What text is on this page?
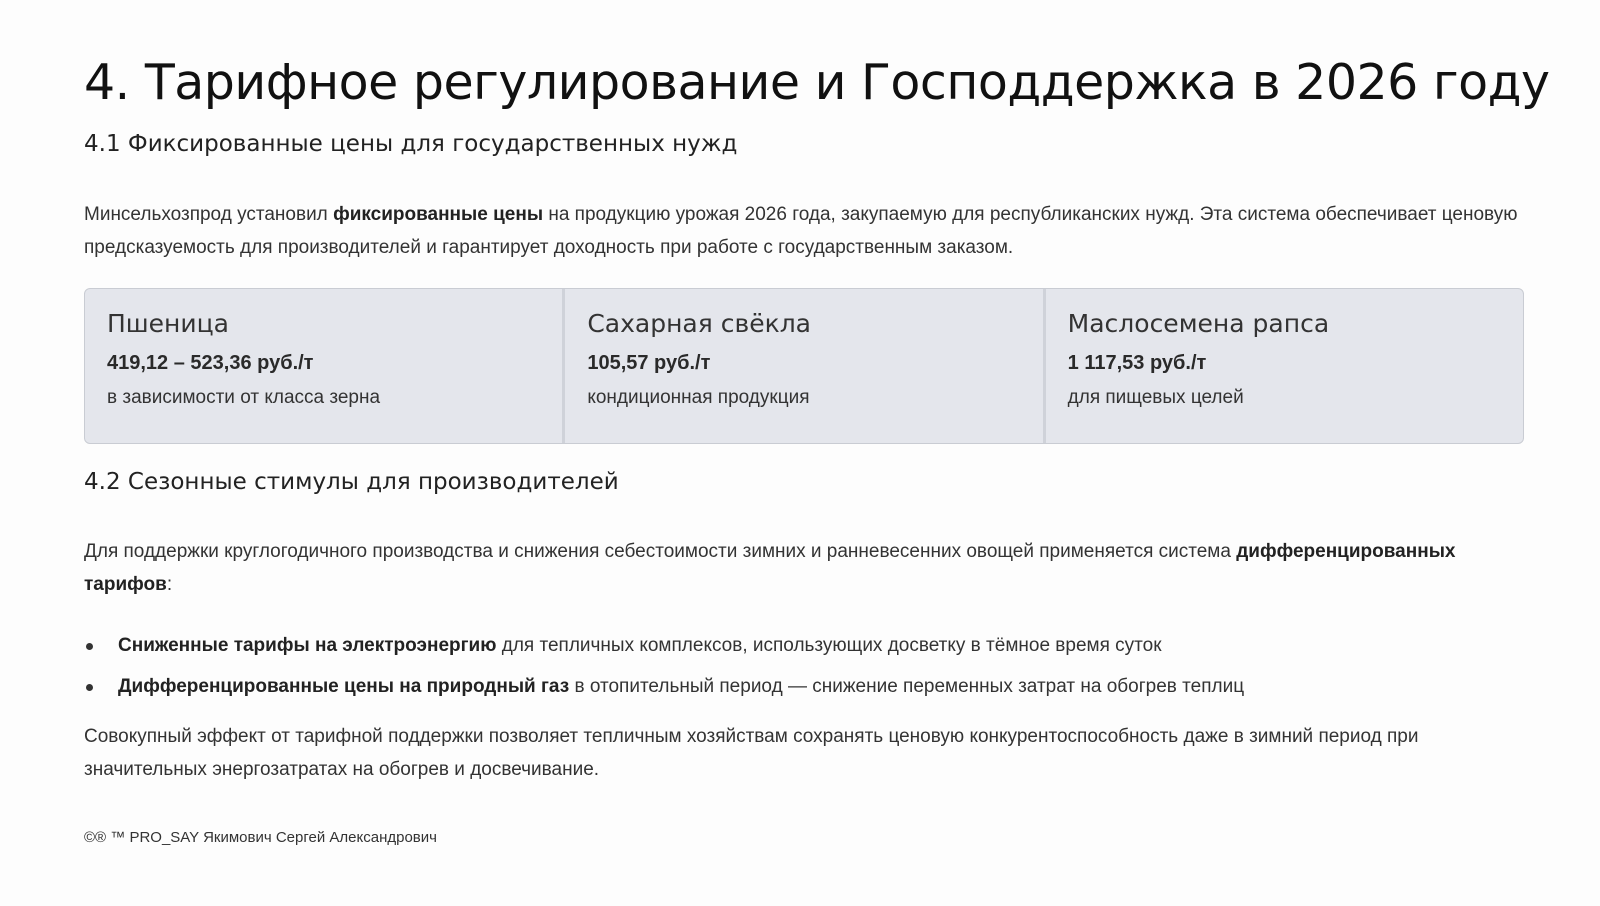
4. Тарифное регулирование и Господдержка в 2026 году
4.1 Фиксированные цены для государственных нужд

Минсельхозпрод установил фиксированные цены на продукцию урожая 2026 года, закупаемую для республиканских нужд. Эта система обеспечивает ценовую предсказуемость для производителей и гарантирует доходность при работе с государственным заказом.

Пшеница
419,12 – 523,36 руб./т
в зависимости от класса зерна
Сахарная свёкла
105,57 руб./т
кондиционная продукция
Маслосемена рапса
1 117,53 руб./т
для пищевых целей
4.2 Сезонные стимулы для производителей

Для поддержки круглогодичного производства и снижения себестоимости зимних и ранневесенних овощей применяется система дифференцированных тарифов:

Сниженные тарифы на электроэнергию для тепличных комплексов, использующих досветку в тёмное время суток
Дифференцированные цены на природный газ в отопительный период — снижение переменных затрат на обогрев теплиц

Совокупный эффект от тарифной поддержки позволяет тепличным хозяйствам сохранять ценовую конкурентоспособность даже в зимний период при значительных энергозатратах на обогрев и досвечивание.

©® ™ PRO_SAY Якимович Сергей Александрович
